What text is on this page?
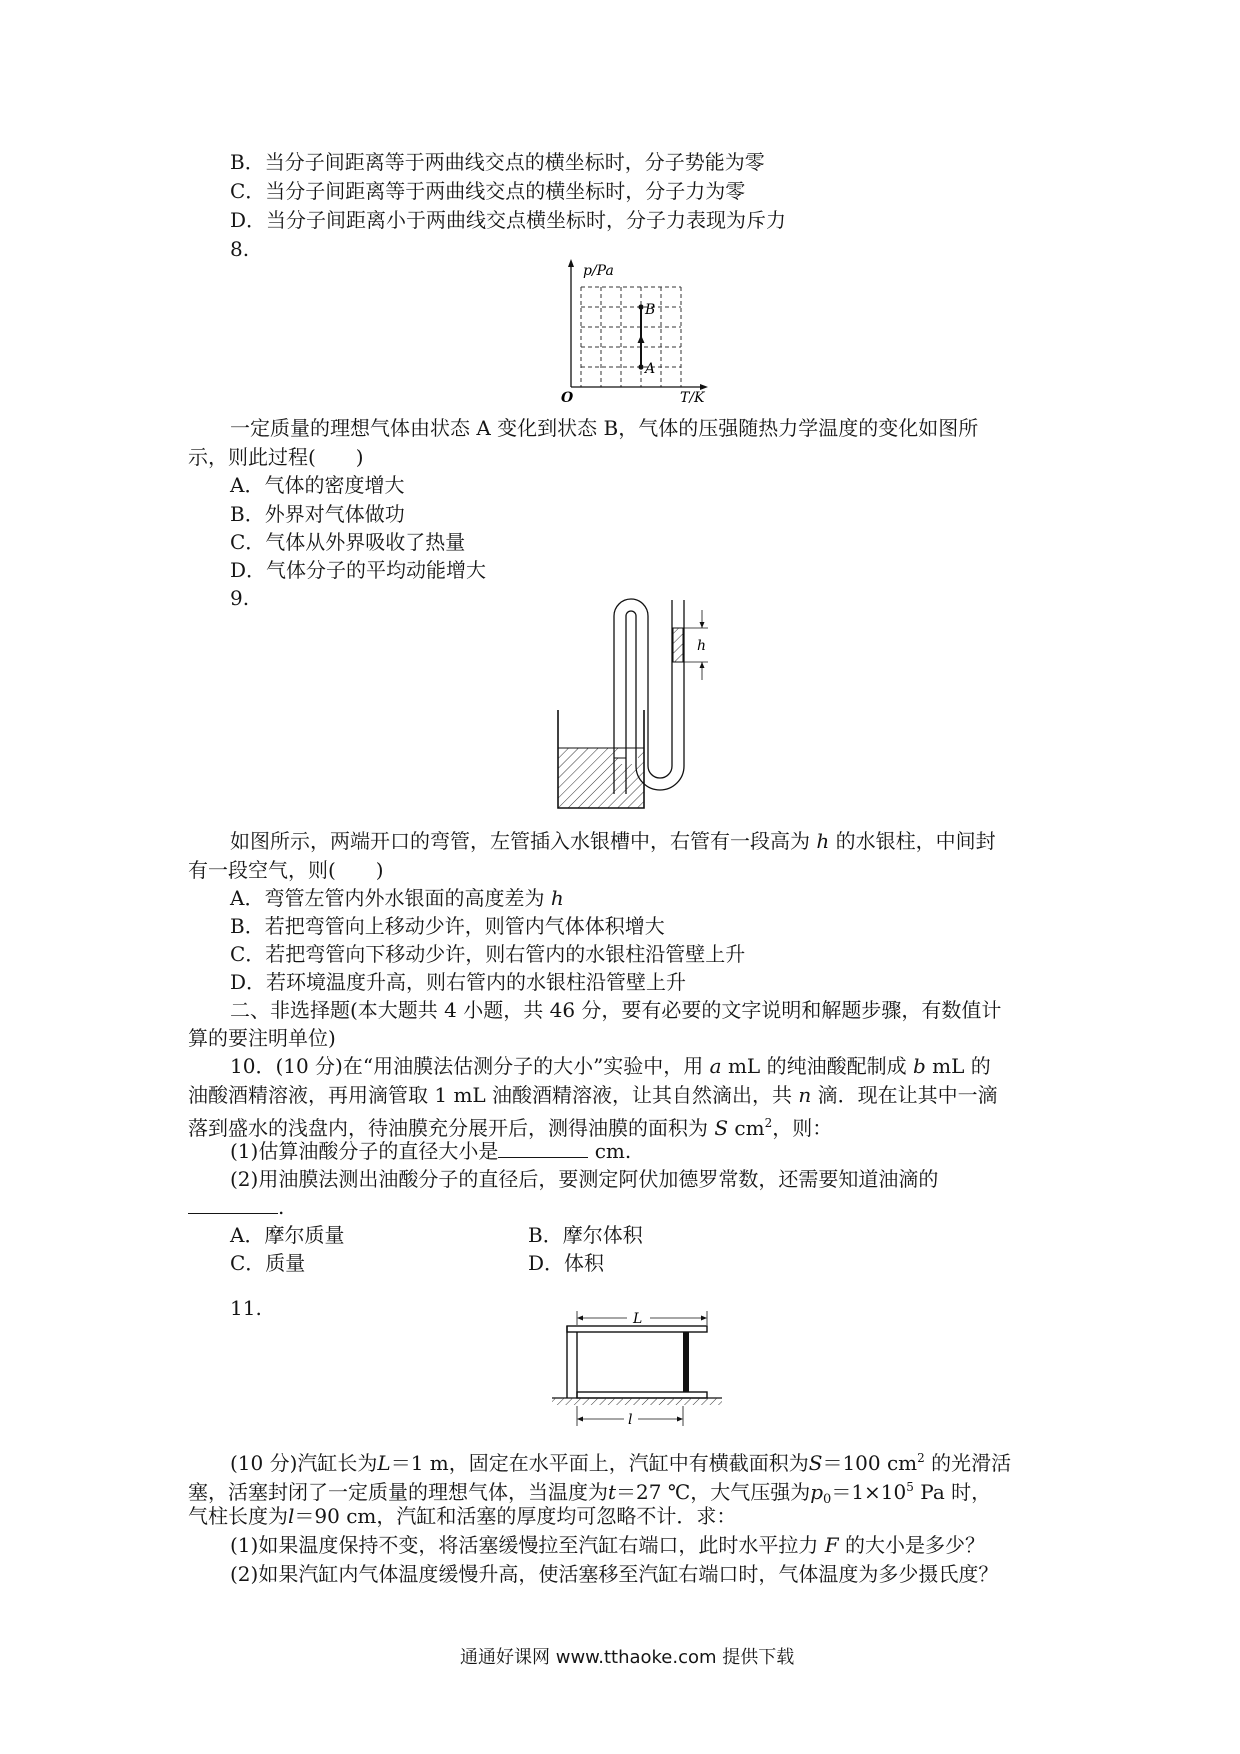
B．当分子间距离等于两曲线交点的横坐标时，分子势能为零
C．当分子间距离等于两曲线交点的横坐标时，分子力为零
D．当分子间距离小于两曲线交点横坐标时，分子力表现为斥力
8.
p/Pa
T/K
O
A
B
一定质量的理想气体由状态 A 变化到状态 B，气体的压强随热力学温度的变化如图所
示，则此过程(　　)
A．气体的密度增大
B．外界对气体做功
C．气体从外界吸收了热量
D．气体分子的平均动能增大
9.
h
如图所示，两端开口的弯管，左管插入水银槽中，右管有一段高为 h 的水银柱，中间封
有一段空气，则(　　)
A．弯管左管内外水银面的高度差为 h
B．若把弯管向上移动少许，则管内气体体积增大
C．若把弯管向下移动少许，则右管内的水银柱沿管壁上升
D．若环境温度升高，则右管内的水银柱沿管壁上升
二、非选择题(本大题共 4 小题，共 46 分，要有必要的文字说明和解题步骤，有数值计
算的要注明单位)
10．(10 分)在“用油膜法估测分子的大小”实验中，用 a mL 的纯油酸配制成 b mL 的
油酸酒精溶液，再用滴管取 1 mL 油酸酒精溶液，让其自然滴出，共 n 滴．现在让其中一滴
落到盛水的浅盘内，待油膜充分展开后，测得油膜的面积为 S $cm^2$，则：
(1)估算油酸分子的直径大小是	cm.
(2)用油膜法测出油酸分子的直径后，要测定阿伏加德罗常数，还需要知道油滴的
.
A．摩尔质量	B．摩尔体积
C．质量	D．体积
11.	L
l
(10 分)汽缸长为L＝1 m，固定在水平面上，汽缸中有横截面积为S＝100 $cm^2$ 的光滑活
塞，活塞封闭了一定质量的理想气体，当温度为t＝27 ℃，大气压强为$p_0=1\times 10^5$ Pa 时，
气柱长度为l＝90 cm，汽缸和活塞的厚度均可忽略不计．求：
(1)如果温度保持不变，将活塞缓慢拉至汽缸右端口，此时水平拉力 F 的大小是多少？
(2)如果汽缸内气体温度缓慢升高，使活塞移至汽缸右端口时，气体温度为多少摄氏度？
通通好课网 www.tthaoke.com 提供下载
